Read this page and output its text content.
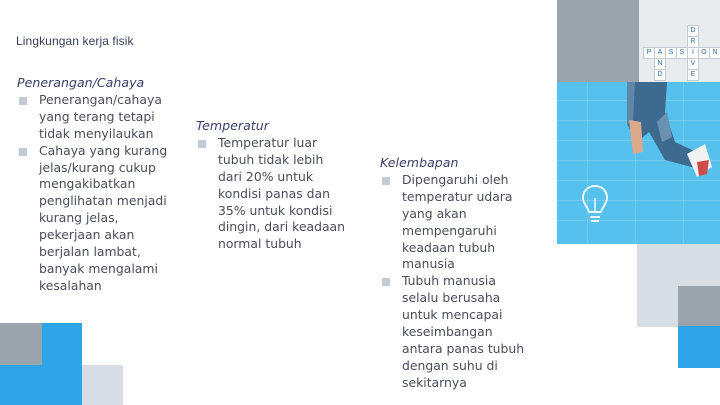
Lingkungan kerja fisik
Penerangan/Cahaya
Penerangan/cahaya
yang terang tetapi
tidak menyilaukan
Cahaya yang kurang
jelas/kurang cukup
mengakibatkan
penglihatan menjadi
kurang jelas,
pekerjaan akan
berjalan lambat,
banyak mengalami
kesalahan
Temperatur
Temperatur luar
tubuh tidak lebih
dari 20% untuk
kondisi panas dan
35% untuk kondisi
dingin, dari keadaan
normal tubuh
Kelembapan
Dipengaruhi oleh
temperatur udara
yang akan
mempengaruhi
keadaan tubuh
manusia
Tubuh manusia
selalu berusaha
untuk mencapai
keseimbangan
antara panas tubuh
dengan suhu di
sekitarnya
P A S S	I	O N
D
R
V
E
N
D
